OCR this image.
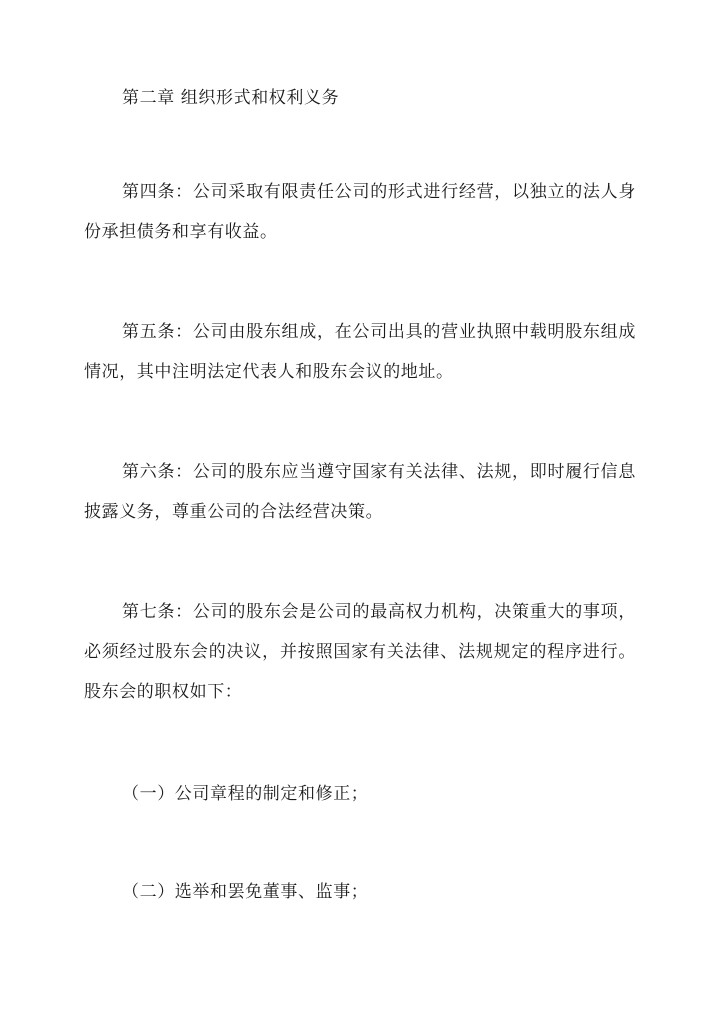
第二章 组织形式和权利义务

第四条：公司采取有限责任公司的形式进行经营，以独立的法人身份承担债务和享有收益。

第五条：公司由股东组成，在公司出具的营业执照中载明股东组成情况，其中注明法定代表人和股东会议的地址。

第六条：公司的股东应当遵守国家有关法律、法规，即时履行信息披露义务，尊重公司的合法经营决策。

第七条：公司的股东会是公司的最高权力机构，决策重大的事项，必须经过股东会的决议，并按照国家有关法律、法规规定的程序进行。股东会的职权如下：

（一）公司章程的制定和修正；

（二）选举和罢免董事、监事；
